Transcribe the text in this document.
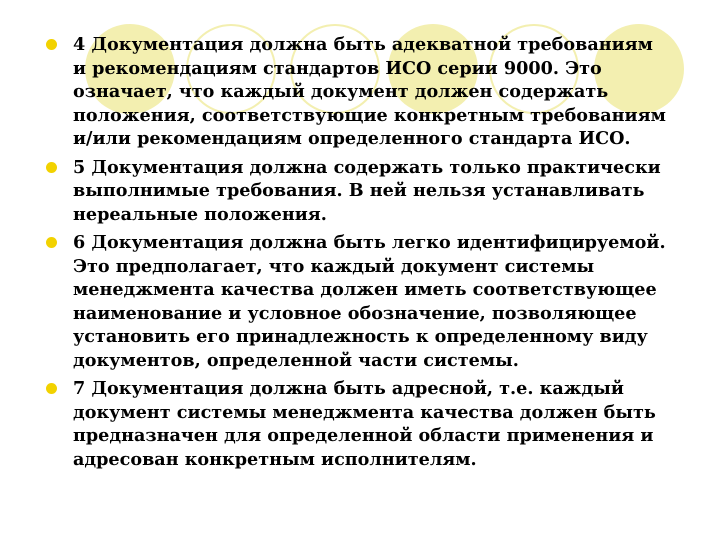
4 Документация должна быть адекватной требованиям
и рекомендациям стандартов ИСО серии 9000. Это
означает, что каждый документ должен содержать
положения, соответствующие конкретным требованиям
и/или рекомендациям определенного стандарта ИСО.
5 Документация должна содержать только практически
выполнимые требования. В ней нельзя устанавливать
нереальные положения.
6 Документация должна быть легко идентифицируемой.
Это предполагает, что каждый документ системы
менеджмента качества должен иметь соответствующее
наименование и условное обозначение, позволяющее
установить его принадлежность к определенному виду
документов, определенной части системы.
7 Документация должна быть адресной, т.е. каждый
документ системы менеджмента качества должен быть
предназначен для определенной области применения и
адресован конкретным исполнителям.
